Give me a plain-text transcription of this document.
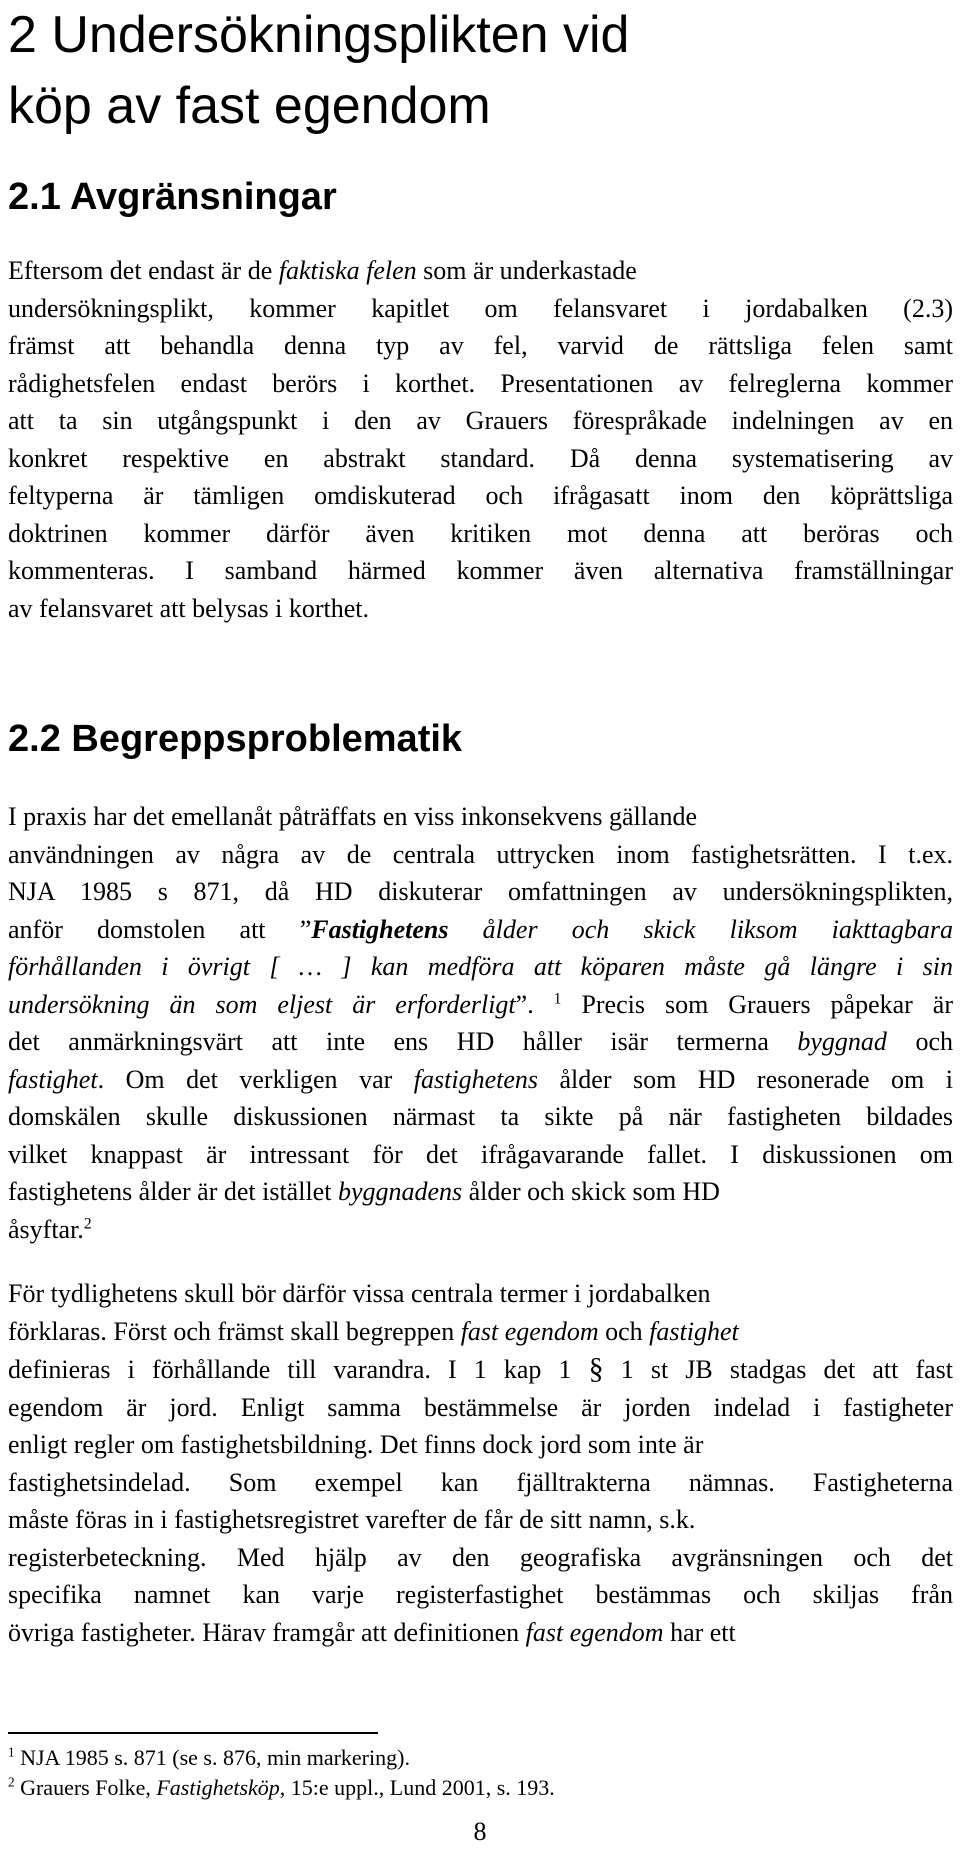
2 Undersökningsplikten vid
köp av fast egendom
2.1 Avgränsningar

Eftersom det endast är de faktiska felen som är underkastade
undersökningsplikt, kommer kapitlet om felansvaret i jordabalken (2.3)
främst att behandla denna typ av fel, varvid de rättsliga felen samt
rådighetsfelen endast berörs i korthet. Presentationen av felreglerna kommer
att ta sin utgångspunkt i den av Grauers förespråkade indelningen av en
konkret respektive en abstrakt standard. Då denna systematisering av
feltyperna är tämligen omdiskuterad och ifrågasatt inom den köprättsliga
doktrinen kommer därför även kritiken mot denna att beröras och
kommenteras. I samband härmed kommer även alternativa framställningar
av felansvaret att belysas i korthet.

2.2 Begreppsproblematik

I praxis har det emellanåt påträffats en viss inkonsekvens gällande
användningen av några av de centrala uttrycken inom fastighetsrätten. I t.ex.
NJA 1985 s 871, då HD diskuterar omfattningen av undersökningsplikten,
anför domstolen att ”Fastighetens ålder och skick liksom iakttagbara
förhållanden i övrigt [ … ] kan medföra att köparen måste gå längre i sin
undersökning än som eljest är erforderligt”. $^1$ Precis som Grauers påpekar är
det anmärkningsvärt att inte ens HD håller isär termerna byggnad och
fastighet. Om det verkligen var fastighetens ålder som HD resonerade om i
domskälen skulle diskussionen närmast ta sikte på när fastigheten bildades
vilket knappast är intressant för det ifrågavarande fallet. I diskussionen om
fastighetens ålder är det istället byggnadens ålder och skick som HD
åsyftar.$^2$

För tydlighetens skull bör därför vissa centrala termer i jordabalken
förklaras. Först och främst skall begreppen fast egendom och fastighet
definieras i förhållande till varandra. I 1 kap 1 § 1 st JB stadgas det att fast
egendom är jord. Enligt samma bestämmelse är jorden indelad i fastigheter
enligt regler om fastighetsbildning. Det finns dock jord som inte är
fastighetsindelad. Som exempel kan fjälltrakterna nämnas. Fastigheterna
måste föras in i fastighetsregistret varefter de får de sitt namn, s.k.
registerbeteckning. Med hjälp av den geografiska avgränsningen och det
specifika namnet kan varje registerfastighet bestämmas och skiljas från
övriga fastigheter. Härav framgår att definitionen fast egendom har ett

$^1$ NJA 1985 s. 871 (se s. 876, min markering).

$^2$ Grauers Folke, Fastighetsköp, 15:e uppl., Lund 2001, s. 193.

8
